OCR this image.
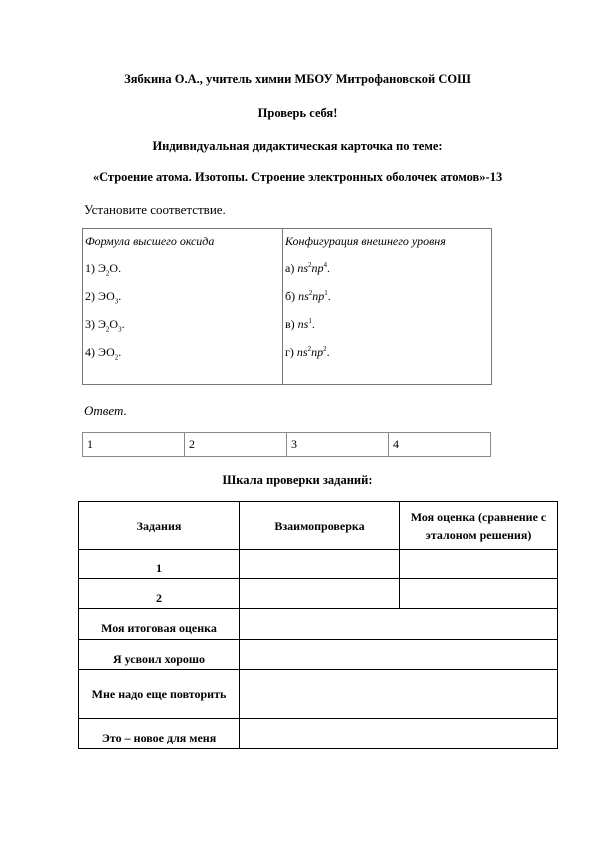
Зябкина О.А., учитель химии МБОУ Митрофановской СОШ
Проверь себя!
Индивидуальная дидактическая карточка по теме:
«Строение атома. Изотопы. Строение электронных оболочек атомов»-13
Установите соответствие.
Формула высшего оксида
1) $Э_2О$.
2) $ЭО_3$.
3) $Э_2О_3$.
4) $ЭО_2$.

Конфигурация внешнего уровня
а) $ns^2np^4$.
б) $ns^2np^1$.
в) $ns^1$.
г) $ns^2np^2$.
Ответ.
1	2	3	4
Шкала проверки заданий:
Задания	Взаимопроверка	Моя оценка (сравнение с эталоном решения)
1		
2		
Моя итоговая оценка		
Я усвоил хорошо		
Мне надо еще повторить		
Это – новое для меня		
